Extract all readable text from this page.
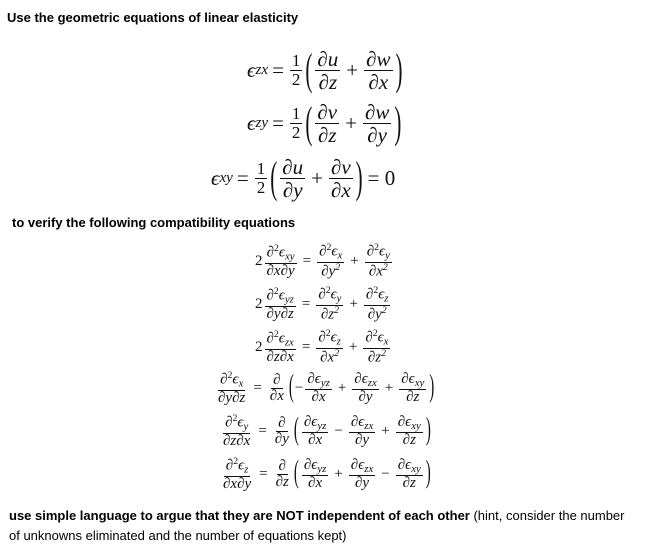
Use the geometric equations of linear elasticity
ϵ zx = $\frac{1}{2}$ ( $\frac{\partial u}{\partial z} + \frac{\partial w}{\partial x}$ )
ϵ zy = $\frac{1}{2}$ ( $\frac{\partial v}{\partial z} + \frac{\partial w}{\partial y}$ )
ϵ xy = $\frac{1}{2}$ ( $\frac{\partial u}{\partial y} + \frac{\partial v}{\partial x}$ ) = 0
to verify the following compatibility equations
$2 \frac{\partial^2\epsilon_{xy}}{\partial x\partial y} = \frac{\partial^2\epsilon_x}{\partial y^2} + \frac{\partial^2\epsilon_y}{\partial x^2}$
$2 \frac{\partial^2\epsilon_{yz}}{\partial y\partial z} = \frac{\partial^2\epsilon_y}{\partial z^2} + \frac{\partial^2\epsilon_z}{\partial y^2}$
$2 \frac{\partial^2\epsilon_{zx}}{\partial z\partial x} = \frac{\partial^2\epsilon_z}{\partial x^2} + \frac{\partial^2\epsilon_x}{\partial z^2}$
$\frac{\partial^2\epsilon_x}{\partial y\partial z} = \frac{\partial}{\partial x}$ ( − $\frac{\partial\epsilon_{yz}}{\partial x} + \frac{\partial\epsilon_{zx}}{\partial y} + \frac{\partial\epsilon_{xy}}{\partial z}$ )
$\frac{\partial^2\epsilon_y}{\partial z\partial x} = \frac{\partial}{\partial y}$ ( $\frac{\partial\epsilon_{yz}}{\partial x} - \frac{\partial\epsilon_{zx}}{\partial y} + \frac{\partial\epsilon_{xy}}{\partial z}$ )
$\frac{\partial^2\epsilon_z}{\partial x\partial y} = \frac{\partial}{\partial z}$ ( $\frac{\partial\epsilon_{yz}}{\partial x} + \frac{\partial\epsilon_{zx}}{\partial y} - \frac{\partial\epsilon_{xy}}{\partial z}$ )
use simple language to argue that they are NOT independent of each other (hint, consider the number
of unknowns eliminated and the number of equations kept)
